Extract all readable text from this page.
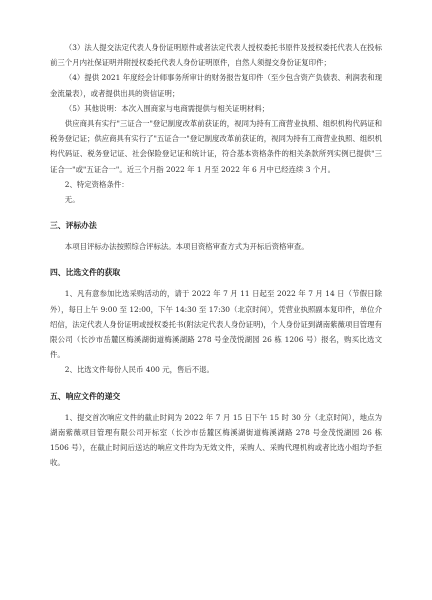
（3）法人提交法定代表人身份证明原件或者法定代表人授权委托书原件及授权委托代表人在投标前三个月内社保证明并附授权委托代表人身份证明原件，自然人须提交身份证复印件；

（4）提供 2021 年度经会计师事务所审计的财务报告复印件（至少包含资产负债表、利润表和现金流量表），或者提供出具的资信证明；

（5）其他说明：本次入围商家与电商需提供与相关证明材料；

供应商具有实行"三证合一"登记制度改革前获证的，视同为持有工商营业执照、组织机构代码证和税务登记证；供应商具有实行了"五证合一"登记制度改革前获证的，视同为持有工商营业执照、组织机构代码证、税务登记证、社会保险登记证和统计证，符合基本资格条件的相关条款所列实例已提供"三证合一"或"五证合一"。近三个月指 2022 年 1 月至 2022 年 6 月中已经连续 3 个月。

2、特定资格条件：

无。

三、评标办法

本项目评标办法按照综合评标法。本项目资格审查方式为开标后资格审查。

四、比选文件的获取

1、凡有意参加比选采购活动的，请于 2022 年 7 月 11 日起至 2022 年 7 月 14 日（节假日除外），每日上午 9:00 至 12:00，下午 14:30 至 17:30（北京时间），凭营业执照副本复印件，单位介绍信，法定代表人身份证明或授权委托书(附法定代表人身份证明)，个人身份证到湖南紫薇项目管理有限公司（长沙市岳麓区梅溪湖街道梅溪湖路 278 号金茂悦湖园 26 栋 1206 号）报名，购买比选文件。

2、比选文件每份人民币 400 元，售后不退。

五、响应文件的递交

1、提交首次响应文件的截止时间为 2022 年 7 月 15 日下午 15 时 30 分（北京时间），地点为湖南紫薇项目管理有限公司开标室（长沙市岳麓区梅溪湖街道梅溪湖路 278 号金茂悦湖园 26 栋 1506 号），在截止时间后送达的响应文件均为无效文件，采购人、采购代理机构或者比选小组均予拒收。
